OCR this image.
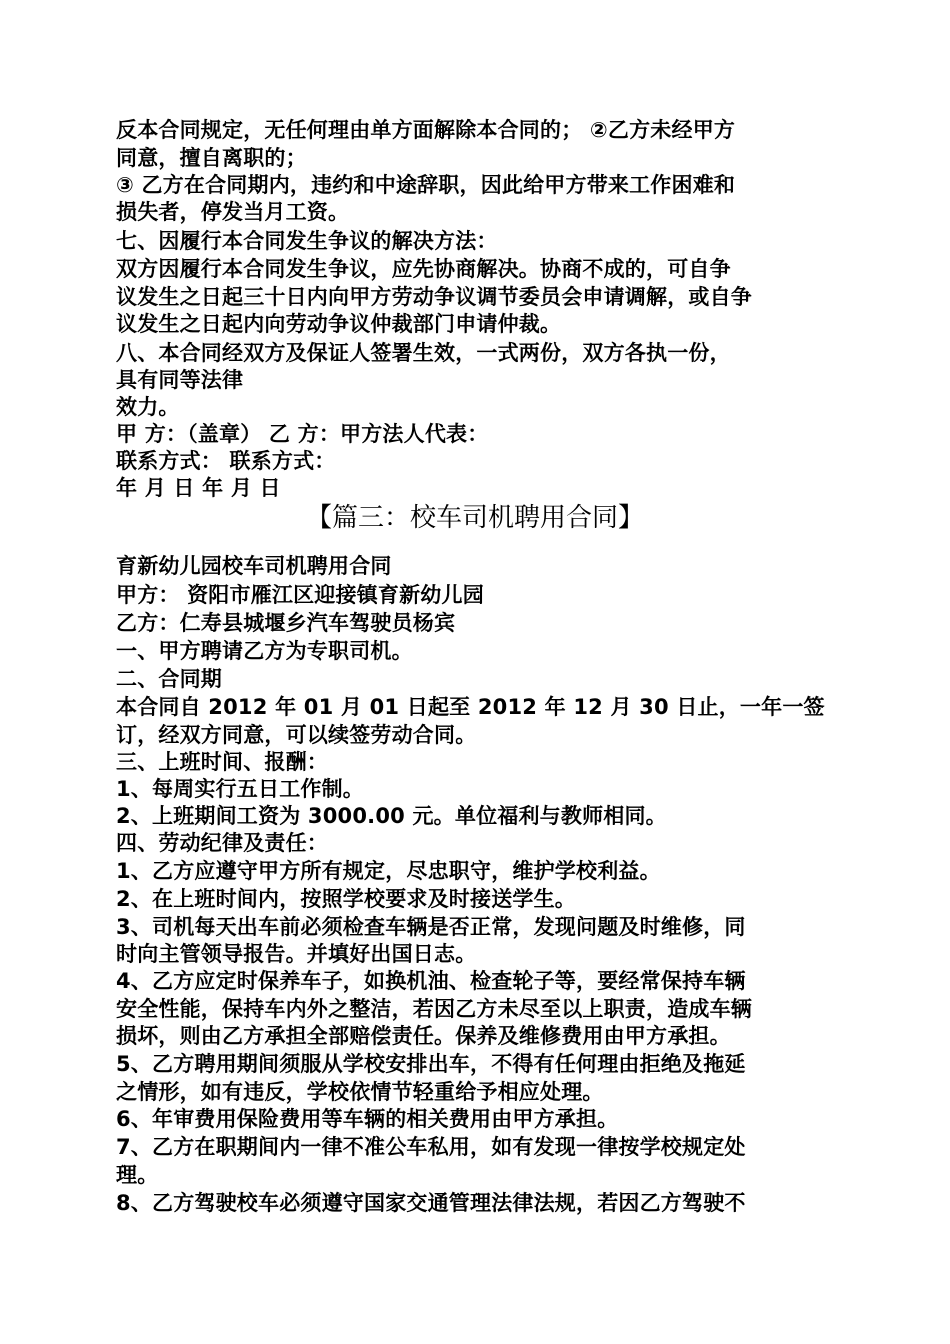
反本合同规定，无任何理由单方面解除本合同的； ②乙方未经甲方
同意，擅自离职的；
③ 乙方在合同期内，违约和中途辞职，因此给甲方带来工作困难和
损失者，停发当月工资。
七、因履行本合同发生争议的解决方法：
双方因履行本合同发生争议，应先协商解决。协商不成的，可自争
议发生之日起三十日内向甲方劳动争议调节委员会申请调解，或自争
议发生之日起内向劳动争议仲裁部门申请仲裁。
八、本合同经双方及保证人签署生效，一式两份，双方各执一份，
具有同等法律
效力。
甲 方：（盖章） 乙 方：甲方法人代表：
联系方式： 联系方式：
年 月 日 年 月 日
【篇三：校车司机聘用合同】
育新幼儿园校车司机聘用合同
甲方： 资阳市雁江区迎接镇育新幼儿园
乙方：仁寿县城堰乡汽车驾驶员杨宾
一、甲方聘请乙方为专职司机。
二、合同期
本合同自 2012 年 01 月 01 日起至 2012 年 12 月 30 日止，一年一签
订，经双方同意，可以续签劳动合同。
三、上班时间、报酬：
1、每周实行五日工作制。
2、上班期间工资为 3000.00 元。单位福利与教师相同。
四、劳动纪律及责任：
1、乙方应遵守甲方所有规定，尽忠职守，维护学校利益。
2、在上班时间内，按照学校要求及时接送学生。
3、司机每天出车前必须检查车辆是否正常，发现问题及时维修，同
时向主管领导报告。并填好出国日志。
4、乙方应定时保养车子，如换机油、检查轮子等，要经常保持车辆
安全性能，保持车内外之整洁，若因乙方未尽至以上职责，造成车辆
损坏，则由乙方承担全部赔偿责任。保养及维修费用由甲方承担。
5、乙方聘用期间须服从学校安排出车，不得有任何理由拒绝及拖延
之情形，如有违反，学校依情节轻重给予相应处理。
6、年审费用保险费用等车辆的相关费用由甲方承担。
7、乙方在职期间内一律不准公车私用，如有发现一律按学校规定处
理。
8、乙方驾驶校车必须遵守国家交通管理法律法规，若因乙方驾驶不
